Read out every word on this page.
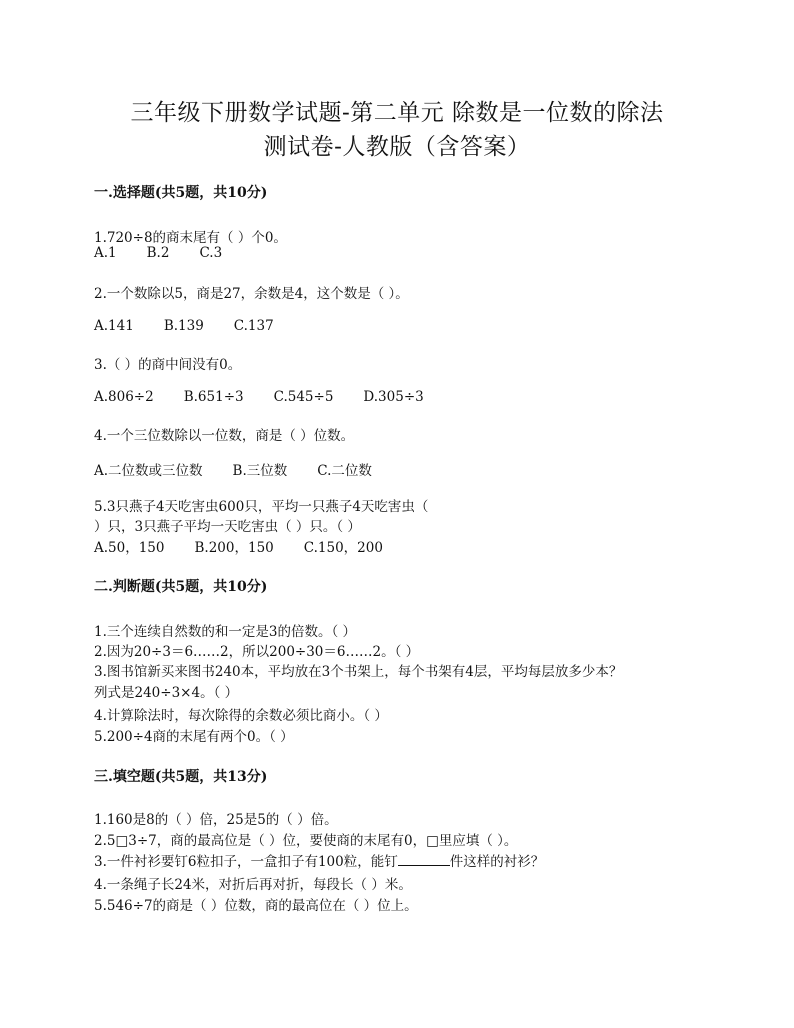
三年级下册数学试题-第二单元 除数是一位数的除法
测试卷-人教版（含答案）
一.选择题(共5题，共10分)
1.720÷8的商末尾有（ ）个0。
A.1 B.2 C.3
2.一个数除以5，商是27，余数是4，这个数是（ ）。
A.141 B.139 C.137
3.（ ）的商中间没有0。
A.806÷2 B.651÷3 C.545÷5 D.305÷3
4.一个三位数除以一位数，商是（ ）位数。
A.二位数或三位数 B.三位数 C.二位数
5.3只燕子4天吃害虫600只，平均一只燕子4天吃害虫（
）只，3只燕子平均一天吃害虫（ ）只。（ ）
A.50，150 B.200，150 C.150，200
二.判断题(共5题，共10分)
1.三个连续自然数的和一定是3的倍数。（ ）
2.因为20÷3＝6……2，所以200÷30＝6……2。（ ）
3.图书馆新买来图书240本，平均放在3个书架上，每个书架有4层，平均每层放多少本？
列式是240÷3×4。（ ）
4.计算除法时，每次除得的余数必须比商小。（ ）
5.200÷4商的末尾有两个0。（ ）
三.填空题(共5题，共13分)
1.160是8的（ ）倍，25是5的（ ）倍。
2.5□3÷7，商的最高位是（ ）位，要使商的末尾有0，□里应填（ ）。
3.一件衬衫要钉6粒扣子，一盒扣子有100粒，能钉	件这样的衬衫？
4.一条绳子长24米，对折后再对折，每段长（ ）米。
5.546÷7的商是（ ）位数，商的最高位在（ ）位上。
